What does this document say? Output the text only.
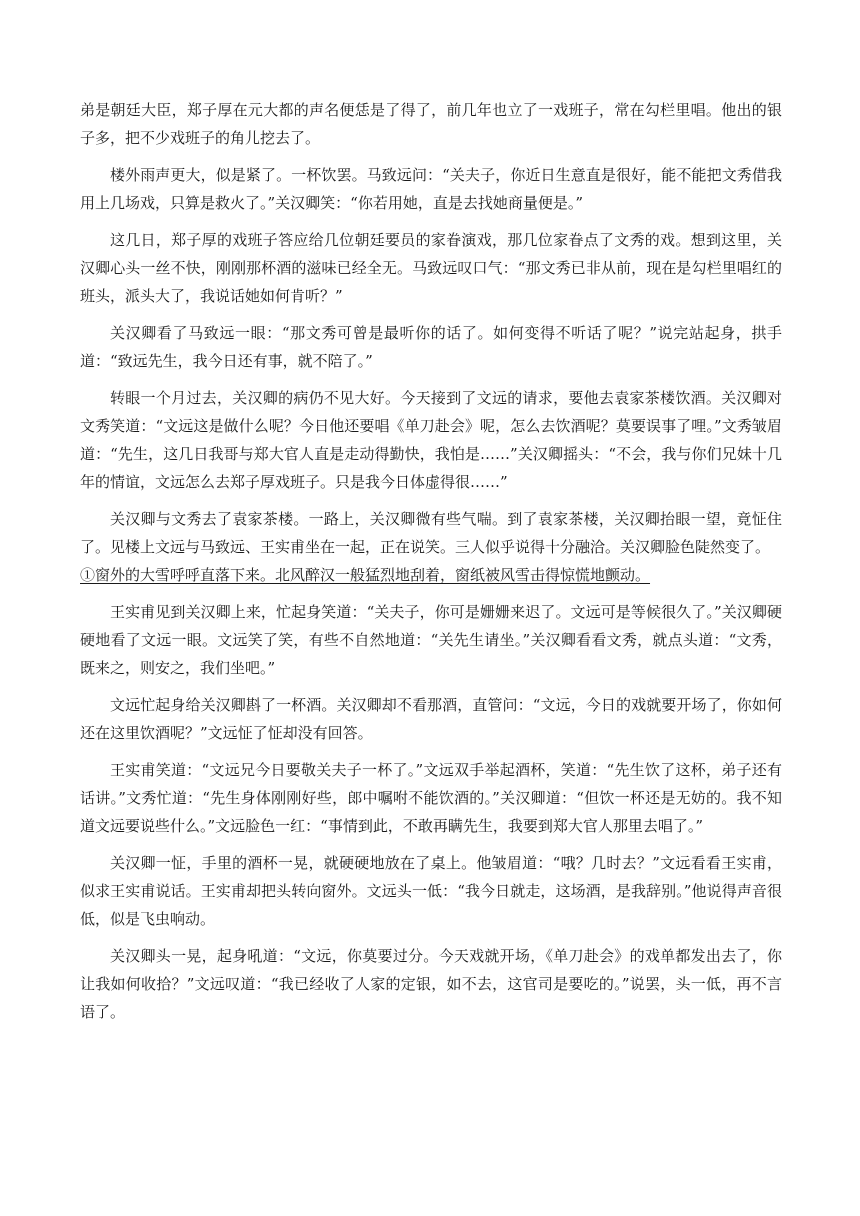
弟是朝廷大臣，郑子厚在元大都的声名便恁是了得了，前几年也立了一戏班子，常在勾栏里唱。他出的银子多，把不少戏班子的角儿挖去了。

楼外雨声更大，似是紧了。一杯饮罢。马致远问：“关夫子，你近日生意直是很好，能不能把文秀借我用上几场戏，只算是救火了。”关汉卿笑：“你若用她，直是去找她商量便是。”

这几日，郑子厚的戏班子答应给几位朝廷要员的家眷演戏，那几位家眷点了文秀的戏。想到这里，关汉卿心头一丝不快，刚刚那杯酒的滋味已经全无。马致远叹口气：“那文秀已非从前，现在是勾栏里唱红的班头，派头大了，我说话她如何肯听？”

关汉卿看了马致远一眼：“那文秀可曾是最听你的话了。如何变得不听话了呢？”说完站起身，拱手道：“致远先生，我今日还有事，就不陪了。”

转眼一个月过去，关汉卿的病仍不见大好。今天接到了文远的请求，要他去袁家茶楼饮酒。关汉卿对文秀笑道：“文远这是做什么呢？今日他还要唱《单刀赴会》呢，怎么去饮酒呢？莫要误事了哩。”文秀皱眉道：“先生，这几日我哥与郑大官人直是走动得勤快，我怕是……”关汉卿摇头：“不会，我与你们兄妹十几年的情谊，文远怎么去郑子厚戏班子。只是我今日体虚得很……”

关汉卿与文秀去了袁家茶楼。一路上，关汉卿微有些气喘。到了袁家茶楼，关汉卿抬眼一望，竟怔住了。见楼上文远与马致远、王实甫坐在一起，正在说笑。三人似乎说得十分融洽。关汉卿脸色陡然变了。

①窗外的大雪呼呼直落下来。北风醉汉一般猛烈地刮着，窗纸被风雪击得惊慌地颤动。

王实甫见到关汉卿上来，忙起身笑道：“关夫子，你可是姗姗来迟了。文远可是等候很久了。”关汉卿硬硬地看了文远一眼。文远笑了笑，有些不自然地道：“关先生请坐。”关汉卿看看文秀，就点头道：“文秀，既来之，则安之，我们坐吧。”

文远忙起身给关汉卿斟了一杯酒。关汉卿却不看那酒，直管问：“文远，今日的戏就要开场了，你如何还在这里饮酒呢？”文远怔了怔却没有回答。

王实甫笑道：“文远兄今日要敬关夫子一杯了。”文远双手举起酒杯，笑道：“先生饮了这杯，弟子还有话讲。”文秀忙道：“先生身体刚刚好些，郎中嘱咐不能饮酒的。”关汉卿道：“但饮一杯还是无妨的。我不知道文远要说些什么。”文远脸色一红：“事情到此，不敢再瞒先生，我要到郑大官人那里去唱了。”

关汉卿一怔，手里的酒杯一晃，就硬硬地放在了桌上。他皱眉道：“哦？几时去？”文远看看王实甫，似求王实甫说话。王实甫却把头转向窗外。文远头一低：“我今日就走，这场酒，是我辞别。”他说得声音很低，似是飞虫响动。

关汉卿头一晃，起身吼道：“文远，你莫要过分。今天戏就开场，《单刀赴会》的戏单都发出去了，你让我如何收拾？”文远叹道：“我已经收了人家的定银，如不去，这官司是要吃的。”说罢，头一低，再不言语了。
